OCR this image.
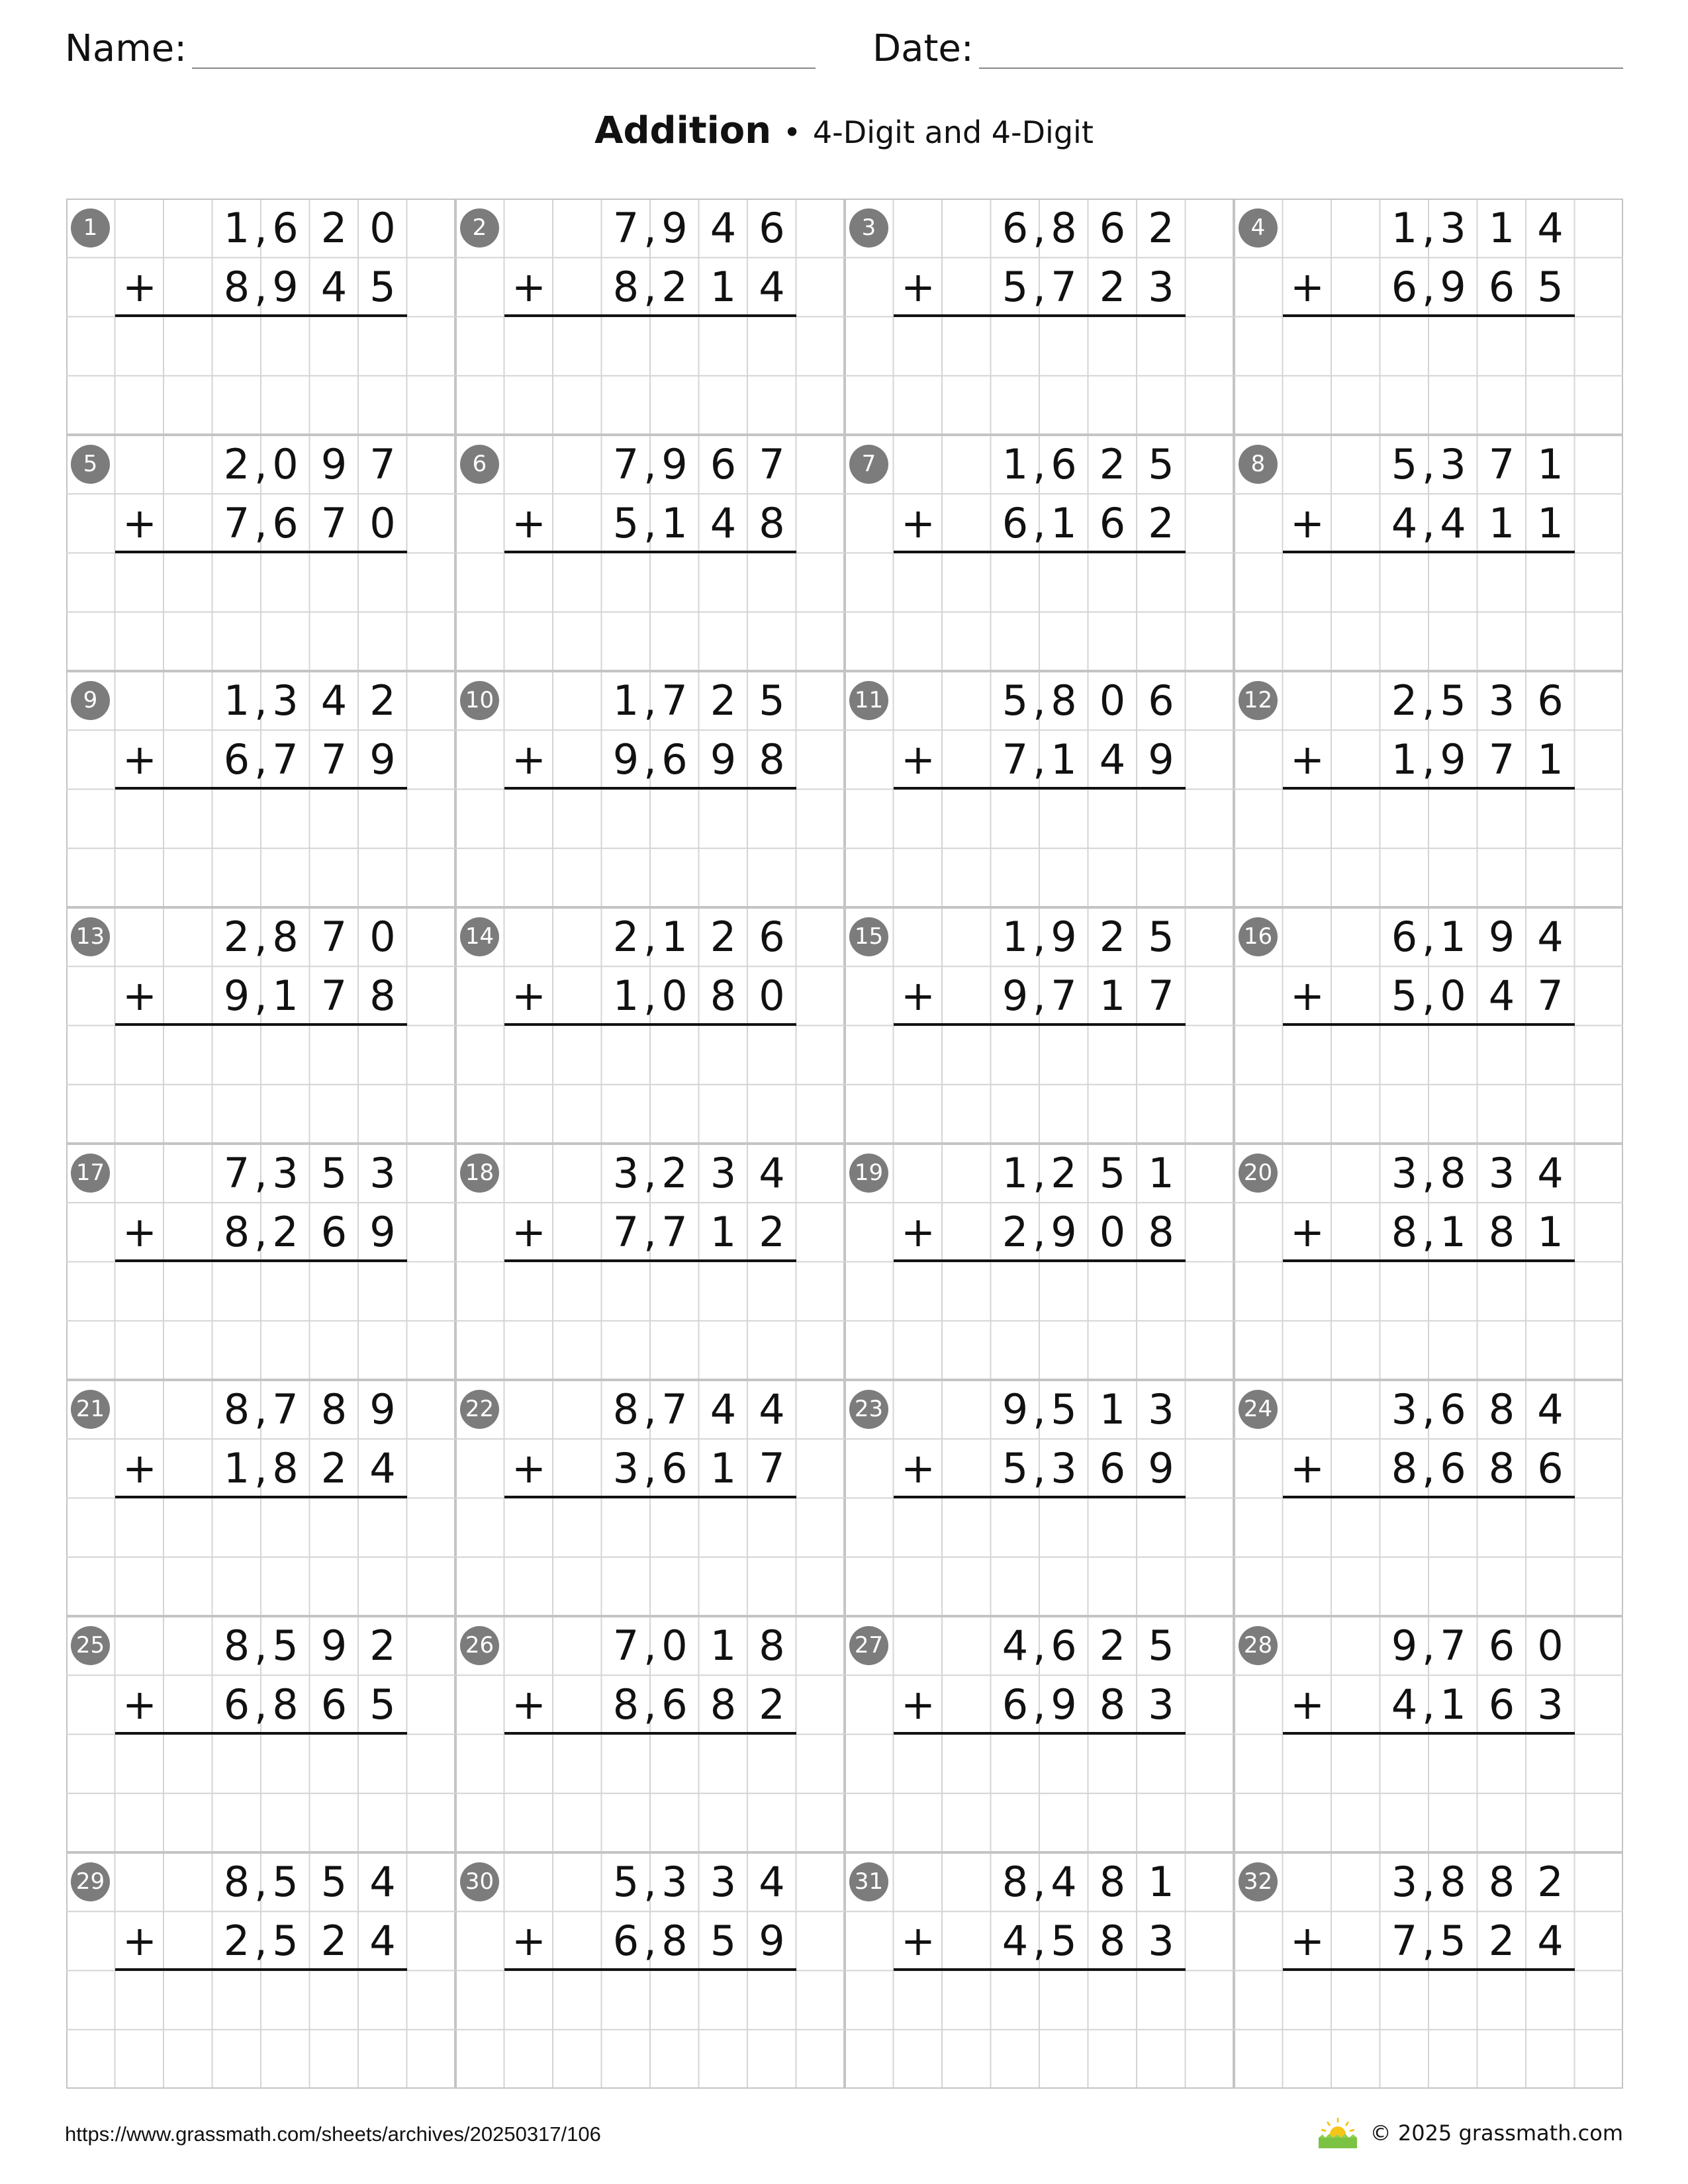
Name:	Date:
Addition • 4-Digit and 4-Digit
1	1 6 2 0
,
8 9 4 5
,
+
2	7 9 4 6
,
8 2 1 4
,
+
3	6 8 6 2
,
5 7 2 3
,
+
4	1 3 1 4
,
6 9 6 5
,
+
5	2 0 9 7
,
7 6 7 0
,
+
6	7 9 6 7
,
5 1 4 8
,
+
7	1 6 2 5
,
6 1 6 2
,
+
8	5 3 7 1
,
4 4 1 1
,
+
9	1 3 4 2
,
6 7 7 9
,
+
10	1 7 2 5
,
9 6 9 8
,
+
11	5 8 0 6
,
7 1 4 9
,
+
12	2 5 3 6
,
1 9 7 1
,
+
13	2 8 7 0
,
9 1 7 8
,
+
14	2 1 2 6
,
1 0 8 0
,
+
15	1 9 2 5
,
9 7 1 7
,
+
16	6 1 9 4
,
5 0 4 7
,
+
17	7 3 5 3
,
8 2 6 9
,
+
18	3 2 3 4
,
7 7 1 2
,
+
19	1 2 5 1
,
2 9 0 8
,
+
20	3 8 3 4
,
8 1 8 1
,
+
21	8 7 8 9
,
1 8 2 4
,
+
22	8 7 4 4
,
3 6 1 7
,
+
23	9 5 1 3
,
5 3 6 9
,
+
24	3 6 8 4
,
8 6 8 6
,
+
25	8 5 9 2
,
6 8 6 5
,
+
26	7 0 1 8
,
8 6 8 2
,
+
27	4 6 2 5
,
6 9 8 3
,
+
28	9 7 6 0
,
4 1 6 3
,
+
29	8 5 5 4
,
2 5 2 4
,
+
30	5 3 3 4
,
6 8 5 9
,
+
31	8 4 8 1
,
4 5 8 3
,
+
32	3 8 8 2
,
7 5 2 4
,
+
https://www.grassmath.com/sheets/archives/20250317/106	© 2025 grassmath.com
